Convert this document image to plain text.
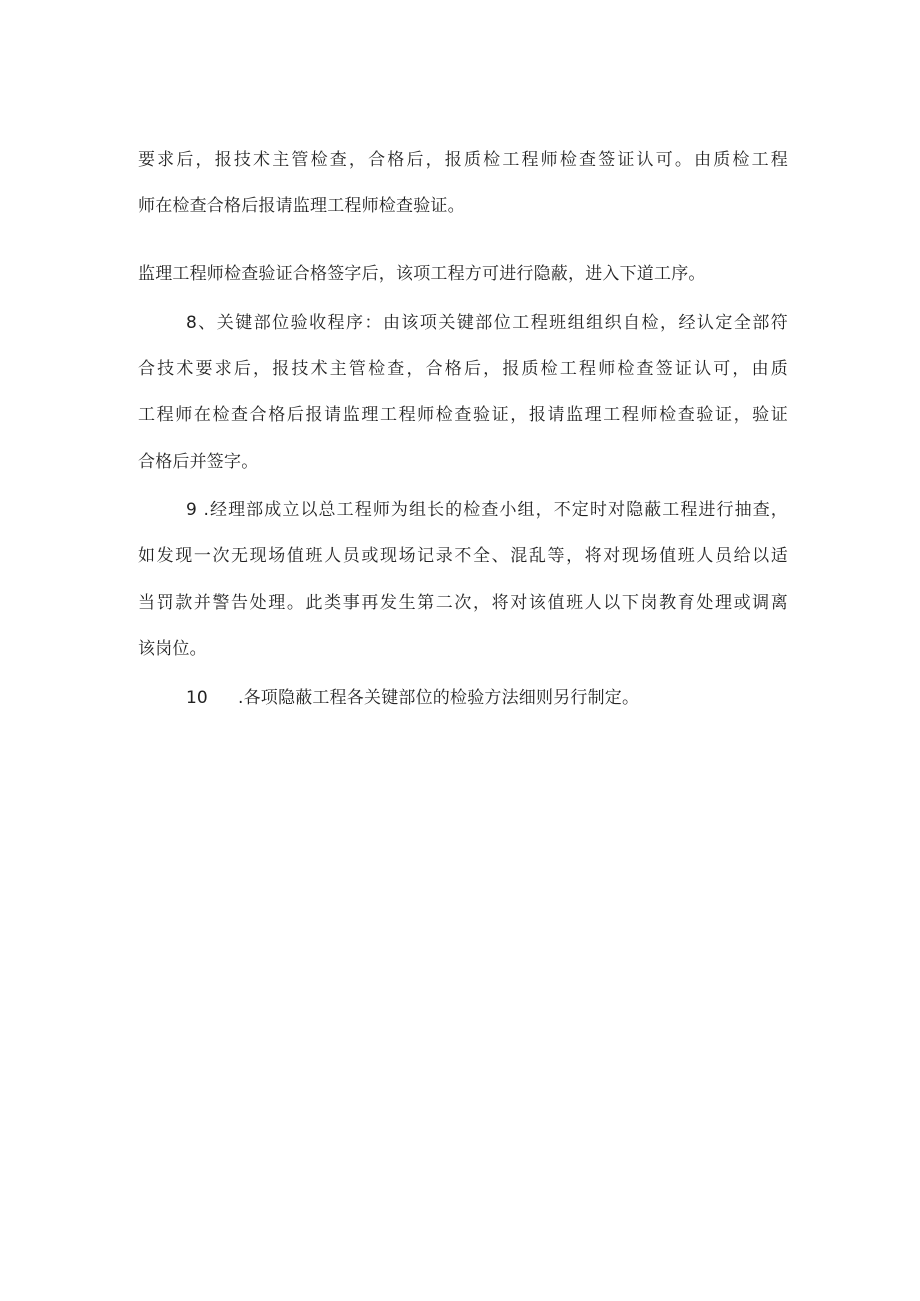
要求后，报技术主管检查，合格后，报质检工程师检查签证认可。由质检工程
师在检查合格后报请监理工程师检查验证。
监理工程师检查验证合格签字后，该项工程方可进行隐蔽，进入下道工序。
8、关键部位验收程序：由该项关键部位工程班组组织自检，经认定全部符
合技术要求后，报技术主管检查，合格后，报质检工程师检查签证认可，由质
工程师在检查合格后报请监理工程师检查验证，报请监理工程师检查验证，验证
合格后并签字。
9 .经理部成立以总工程师为组长的检查小组，不定时对隐蔽工程进行抽查，
如发现一次无现场值班人员或现场记录不全、混乱等，将对现场值班人员给以适
当罚款并警告处理。此类事再发生第二次，将对该值班人以下岗教育处理或调离
该岗位。
10 .各项隐蔽工程各关键部位的检验方法细则另行制定。
